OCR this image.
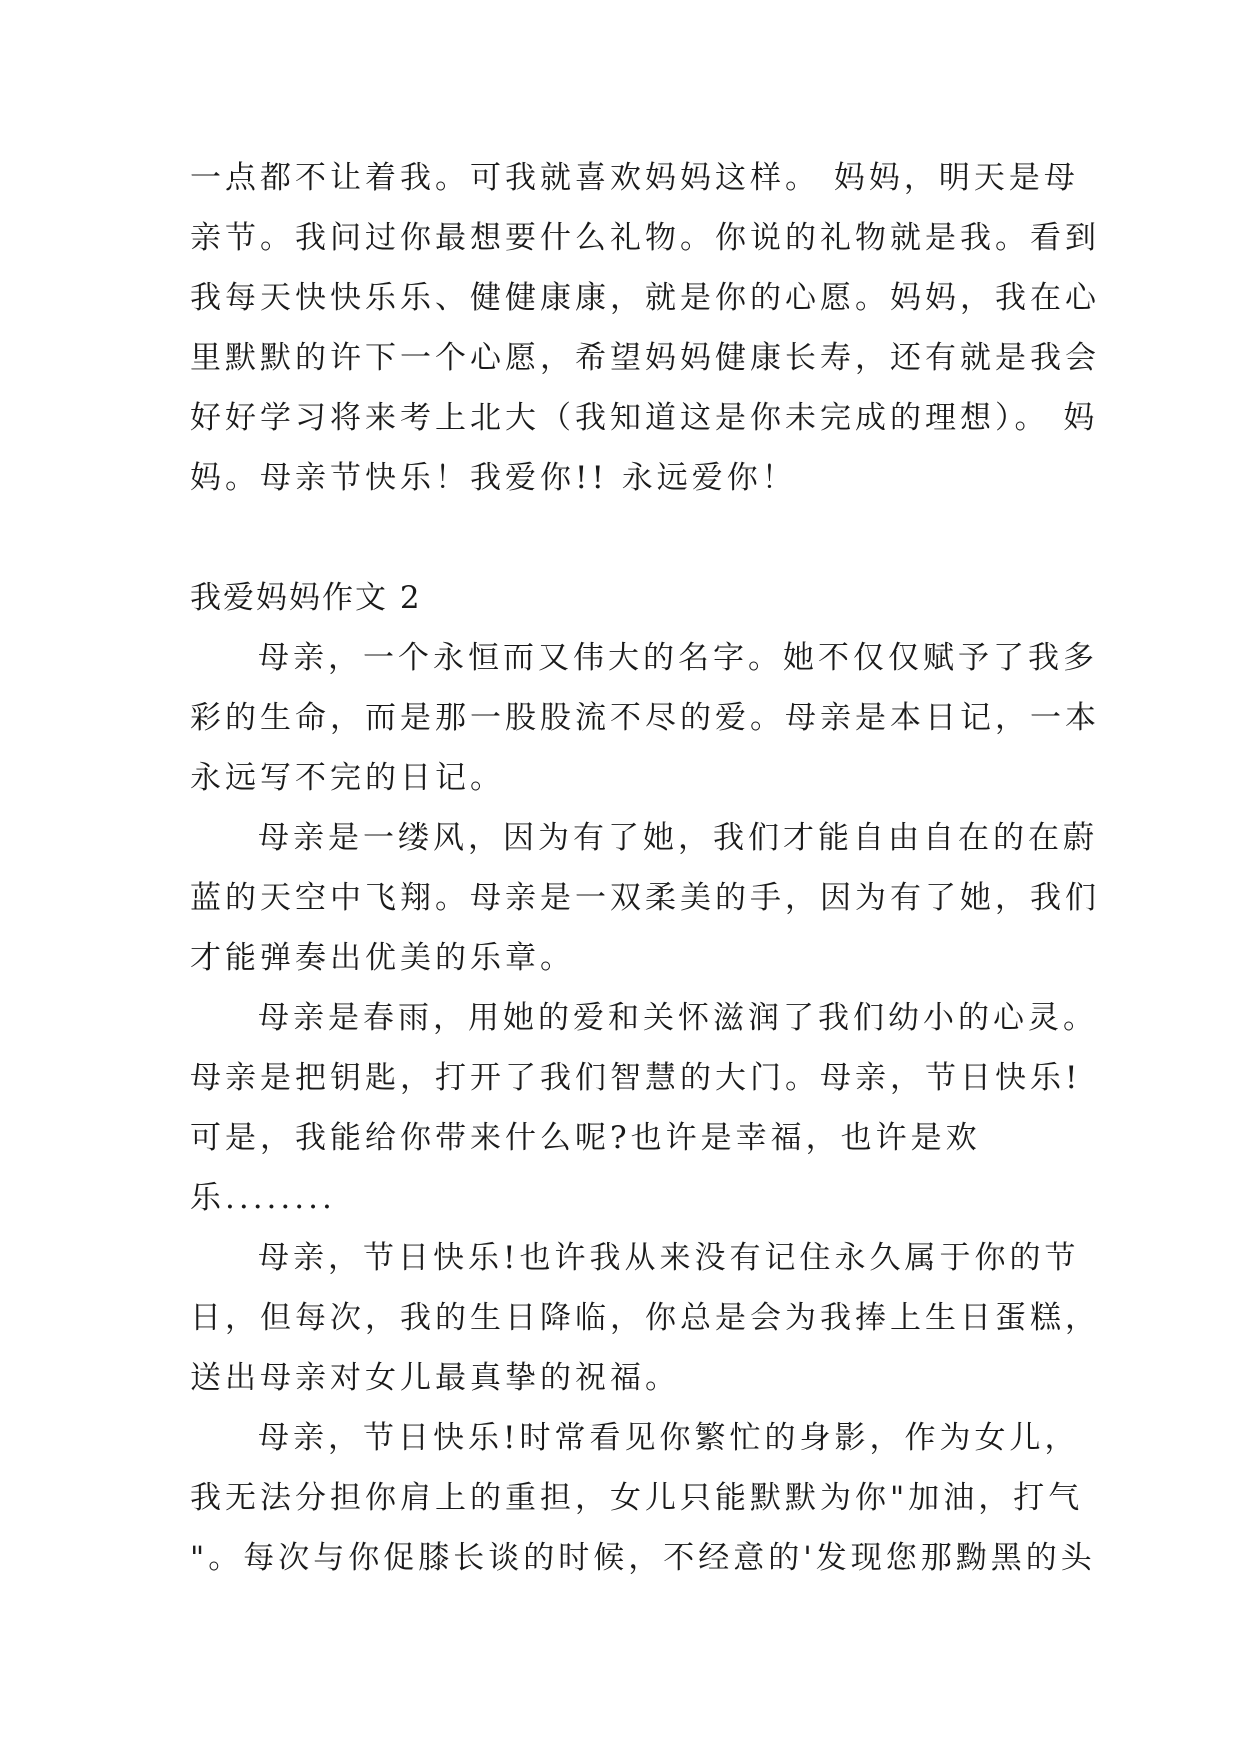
一点都不让着我。可我就喜欢妈妈这样。 妈妈，明天是母
亲节。我问过你最想要什么礼物。你说的礼物就是我。看到
我每天快快乐乐、健健康康，就是你的心愿。妈妈，我在心
里默默的许下一个心愿，希望妈妈健康长寿，还有就是我会
好好学习将来考上北大（我知道这是你未完成的理想）。 妈
妈。母亲节快乐！我爱你!! 永远爱你！
我爱妈妈作文 2
母亲，一个永恒而又伟大的名字。她不仅仅赋予了我多
彩的生命，而是那一股股流不尽的爱。母亲是本日记，一本
永远写不完的日记。
母亲是一缕风，因为有了她，我们才能自由自在的在蔚
蓝的天空中飞翔。母亲是一双柔美的手，因为有了她，我们
才能弹奏出优美的乐章。
母亲是春雨，用她的爱和关怀滋润了我们幼小的心灵。
母亲是把钥匙，打开了我们智慧的大门。母亲，节日快乐!
可是，我能给你带来什么呢?也许是幸福，也许是欢
乐........
母亲，节日快乐!也许我从来没有记住永久属于你的节
日，但每次，我的生日降临，你总是会为我捧上生日蛋糕，
送出母亲对女儿最真挚的祝福。
母亲，节日快乐!时常看见你繁忙的身影，作为女儿，
我无法分担你肩上的重担，女儿只能默默为你"加油，打气
"。每次与你促膝长谈的时候，不经意的'发现您那黝黑的头
